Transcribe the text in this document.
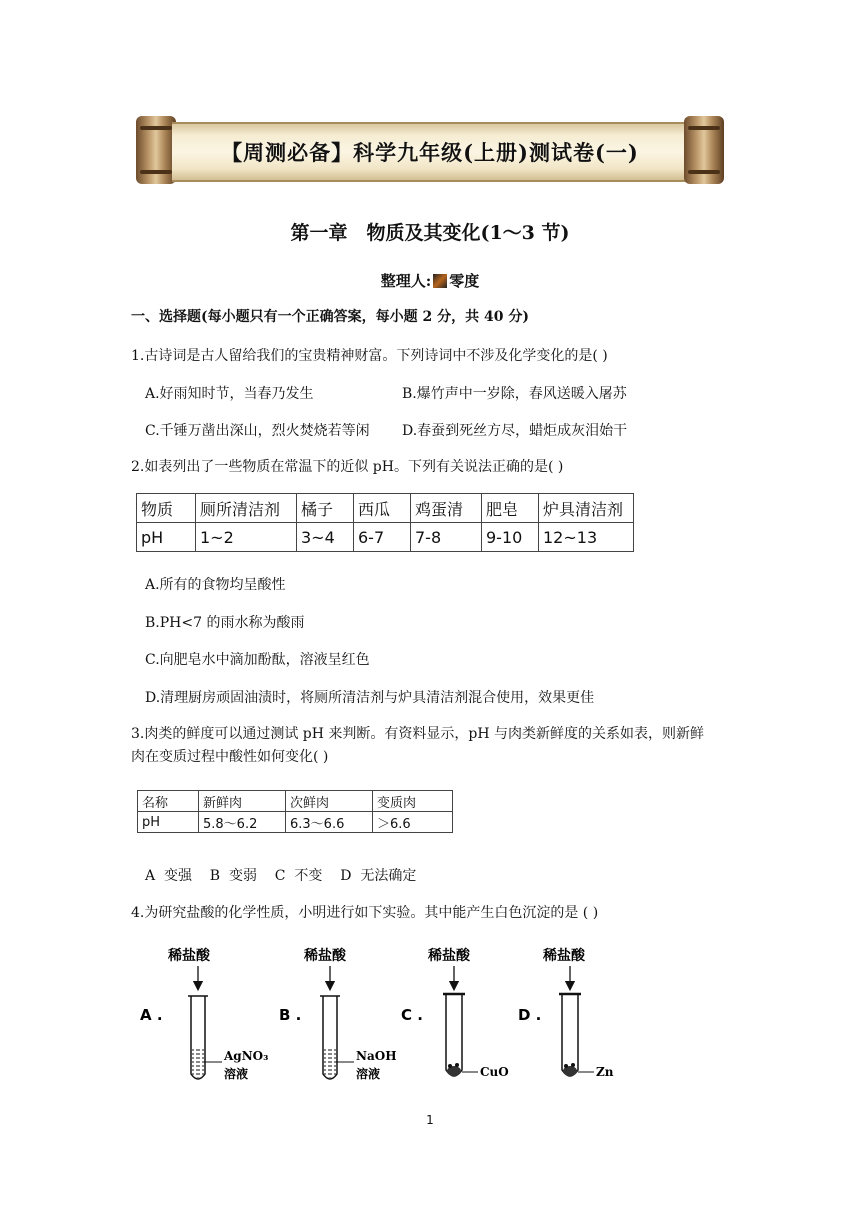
【周测必备】科学九年级(上册)测试卷(一)
第一章　物质及其变化(1～3 节)
整理人: 零度
一、选择题(每小题只有一个正确答案，每小题 2 分，共 40 分)
1.古诗词是古人留给我们的宝贵精神财富。下列诗词中不涉及化学变化的是( )
A.好雨知时节，当春乃发生	B.爆竹声中一岁除，春风送暖入屠苏
C.千锤万凿出深山，烈火焚烧若等闲 D.春蚕到死丝方尽，蜡炬成灰泪始干
2.如表列出了一些物质在常温下的近似 pH。下列有关说法正确的是( )
物质	厕所清洁剂	橘子	西瓜	鸡蛋清	肥皂	炉具清洁剂
pH	1~2	3~4	6-7	7-8	9-10	12~13
A.所有的食物均呈酸性
B.PH<7 的雨水称为酸雨
C.向肥皂水中滴加酚酞，溶液呈红色
D.清理厨房顽固油渍时，将厕所清洁剂与炉具清洁剂混合使用，效果更佳
3.肉类的鲜度可以通过测试 pH 来判断。有资料显示，pH 与肉类新鲜度的关系如表，则新鲜
肉在变质过程中酸性如何变化( )
名称	新鲜肉	次鲜肉	变质肉
pH	5.8～6.2	6.3～6.6	＞6.6
A  变强    B  变弱    C  不变    D  无法确定
4.为研究盐酸的化学性质，小明进行如下实验。其中能产生白色沉淀的是 ( )
稀盐酸
A .
AgNO₃
溶液
稀盐酸
B .
NaOH
溶液
稀盐酸
C .
CuO
稀盐酸
D .
Zn
1
